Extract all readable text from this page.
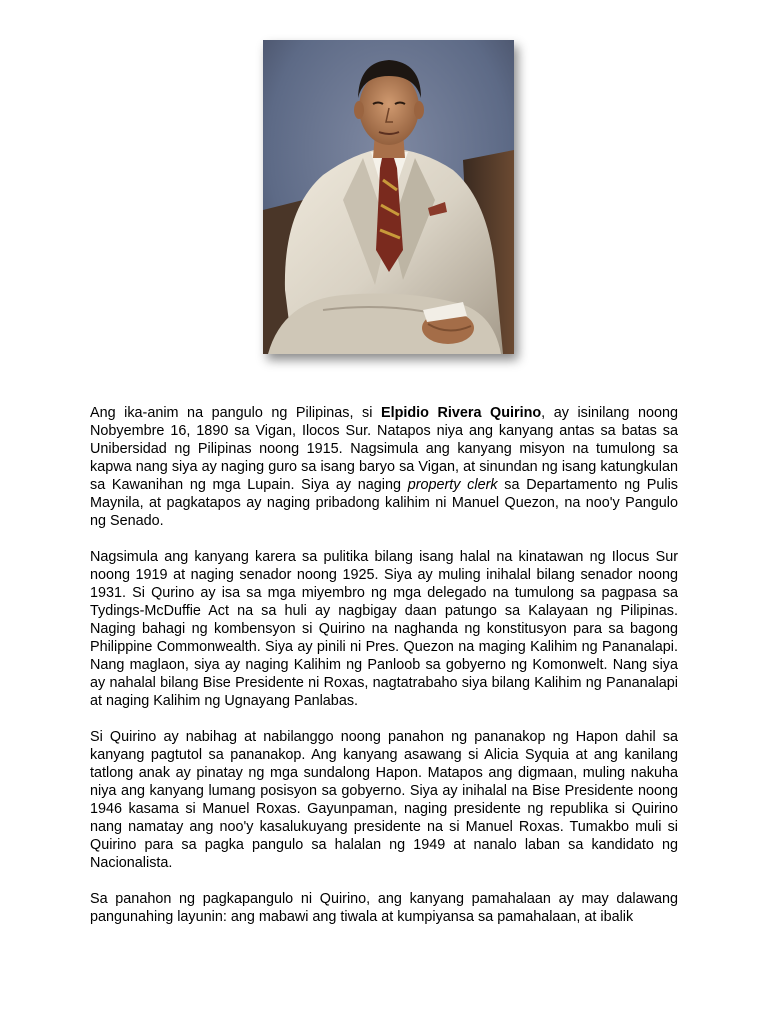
Ang ika-anim na pangulo ng Pilipinas, si Elpidio Rivera Quirino, ay isinilang noong Nobyembre 16, 1890 sa Vigan, Ilocos Sur. Natapos niya ang kanyang antas sa batas sa Unibersidad ng Pilipinas noong 1915. Nagsimula ang kanyang misyon na tumulong sa kapwa nang siya ay naging guro sa isang baryo sa Vigan, at sinundan ng isang katungkulan sa Kawanihan ng mga Lupain. Siya ay naging property clerk sa Departamento ng Pulis Maynila, at pagkatapos ay naging pribadong kalihim ni Manuel Quezon, na noo'y Pangulo ng Senado.

Nagsimula ang kanyang karera sa pulitika bilang isang halal na kinatawan ng Ilocus Sur noong 1919 at naging senador noong 1925. Siya ay muling inihalal bilang senador noong 1931. Si Qurino ay isa sa mga miyembro ng mga delegado na tumulong sa pagpasa sa Tydings-McDuffie Act na sa huli ay nagbigay daan patungo sa Kalayaan ng Pilipinas. Naging bahagi ng kombensyon si Quirino na naghanda ng konstitusyon para sa bagong Philippine Commonwealth. Siya ay pinili ni Pres. Quezon na maging Kalihim ng Pananalapi. Nang maglaon, siya ay naging Kalihim ng Panloob sa gobyerno ng Komonwelt. Nang siya ay nahalal bilang Bise Presidente ni Roxas, nagtatrabaho siya bilang Kalihim ng Pananalapi at naging Kalihim ng Ugnayang Panlabas.

Si Quirino ay nabihag at nabilanggo noong panahon ng pananakop ng Hapon dahil sa kanyang pagtutol sa pananakop. Ang kanyang asawang si Alicia Syquia at ang kanilang tatlong anak ay pinatay ng mga sundalong Hapon. Matapos ang digmaan, muling nakuha niya ang kanyang lumang posisyon sa gobyerno. Siya ay inihalal na Bise Presidente noong 1946 kasama si Manuel Roxas. Gayunpaman, naging presidente ng republika si Quirino nang namatay ang noo'y kasalukuyang presidente na si Manuel Roxas. Tumakbo muli si Quirino para sa pagka pangulo sa halalan ng 1949 at nanalo laban sa kandidato ng Nacionalista.

Sa panahon ng pagkapangulo ni Quirino, ang kanyang pamahalaan ay may dalawang pangunahing layunin: ang mabawi ang tiwala at kumpiyansa sa pamahalaan, at ibalik
